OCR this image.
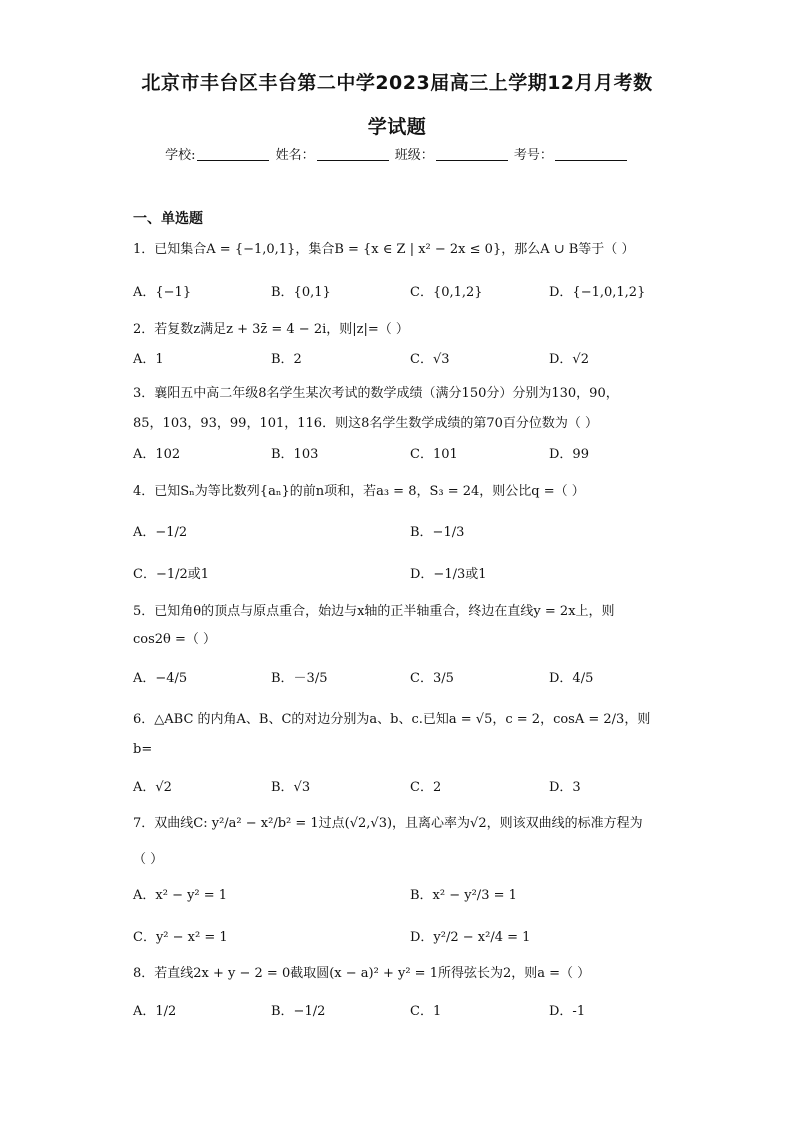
北京市丰台区丰台第二中学2023届高三上学期12月月考数
学试题
学校:	姓名：	班级：	考号：
一、单选题
1．已知集合A = {−1,0,1}，集合B = {x ∈ Z | x² − 2x ≤ 0}，那么A ∪ B等于（ ）
A．{−1}	B．{0,1}	C．{0,1,2}	D．{−1,0,1,2}
2．若复数z满足z + 3z̄ = 4 − 2i，则|z|=（ ）
A．1	B．2	C．√3	D．√2
3．襄阳五中高二年级8名学生某次考试的数学成绩（满分150分）分别为130，90，
85，103，93，99，101，116．则这8名学生数学成绩的第70百分位数为（ ）
A．102	B．103	C．101	D．99
4．已知Sₙ为等比数列{aₙ}的前n项和，若a₃ = 8，S₃ = 24，则公比q =（ ）
A．−1/2	B．−1/3
C．−1/2或1	D．−1/3或1
5．已知角θ的顶点与原点重合，始边与x轴的正半轴重合，终边在直线y = 2x上，则
cos2θ =（ ）
A．−4/5	B．－3/5	C．3/5	D．4/5
6．△ABC 的内角A、B、C的对边分别为a、b、c.已知a = √5，c = 2，cosA = 2/3，则
b=
A．√2	B．√3	C．2	D．3
7．双曲线C: y²/a² − x²/b² = 1过点(√2,√3)，且离心率为√2，则该双曲线的标准方程为
（ ）
A．x² − y² = 1	B．x² − y²/3 = 1
C．y² − x² = 1	D．y²/2 − x²/4 = 1
8．若直线2x + y − 2 = 0截取圆(x − a)² + y² = 1所得弦长为2，则a =（ ）
A．1/2	B．−1/2	C．1	D．-1
